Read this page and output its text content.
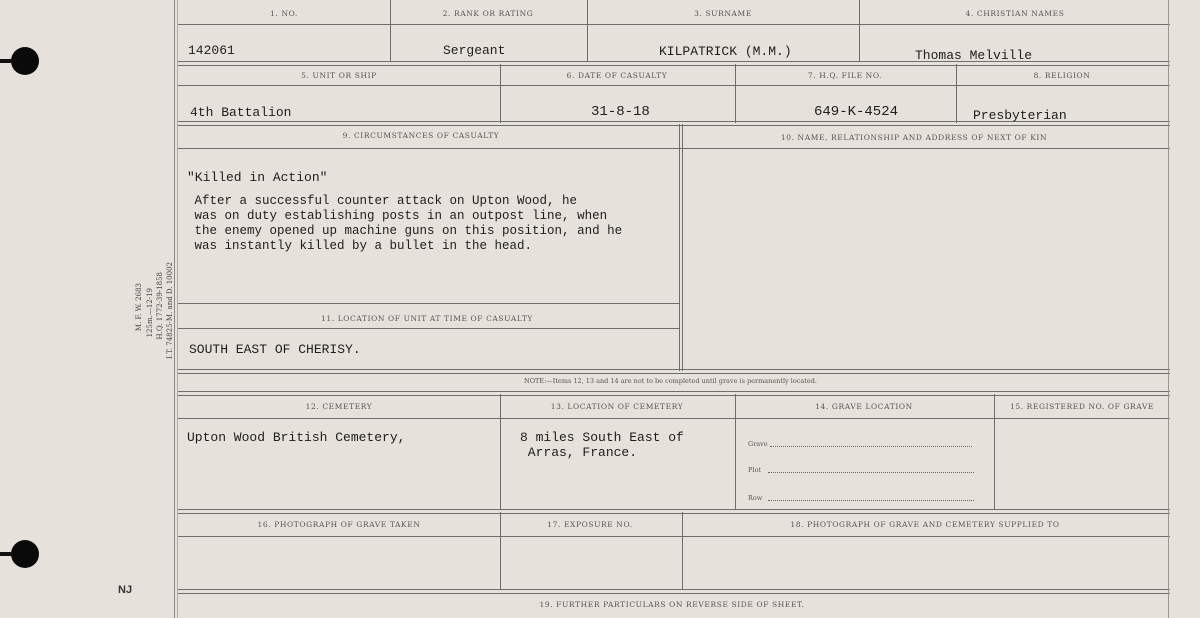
M. F. W. 2683 125m.—12-19 H.Q. 1772-39-1858 I.T. 74825-M. and D. 10002
NJ
1. NO.	2. RANK OR RATING	3. SURNAME	4. CHRISTIAN NAMES
142061	Sergeant	KILPATRICK (M.M.)	Thomas Melville
5. UNIT OR SHIP	6. DATE OF CASUALTY	7. H.Q. FILE NO.	8. RELIGION
4th Battalion	31-8-18	649-K-4524	Presbyterian
9. CIRCUMSTANCES OF CASUALTY	10. NAME, RELATIONSHIP AND ADDRESS OF NEXT OF KIN
"Killed in Action"
After a successful counter attack on Upton Wood, he
was on duty establishing posts in an outpost line, when
the enemy opened up machine guns on this position, and he
was instantly killed by a bullet in the head.
11. LOCATION OF UNIT AT TIME OF CASUALTY
SOUTH EAST OF CHERISY.
NOTE:—Items 12, 13 and 14 are not to be completed until grave is permanently located.
12. CEMETERY	13. LOCATION OF CEMETERY	14. GRAVE LOCATION	15. REGISTERED NO. OF GRAVE
Upton Wood British Cemetery,	8 miles South East of
Arras, France.
Grave
Plot
Row
16. PHOTOGRAPH OF GRAVE TAKEN	17. EXPOSURE NO.	18. PHOTOGRAPH OF GRAVE AND CEMETERY SUPPLIED TO
19. FURTHER PARTICULARS ON REVERSE SIDE OF SHEET.
